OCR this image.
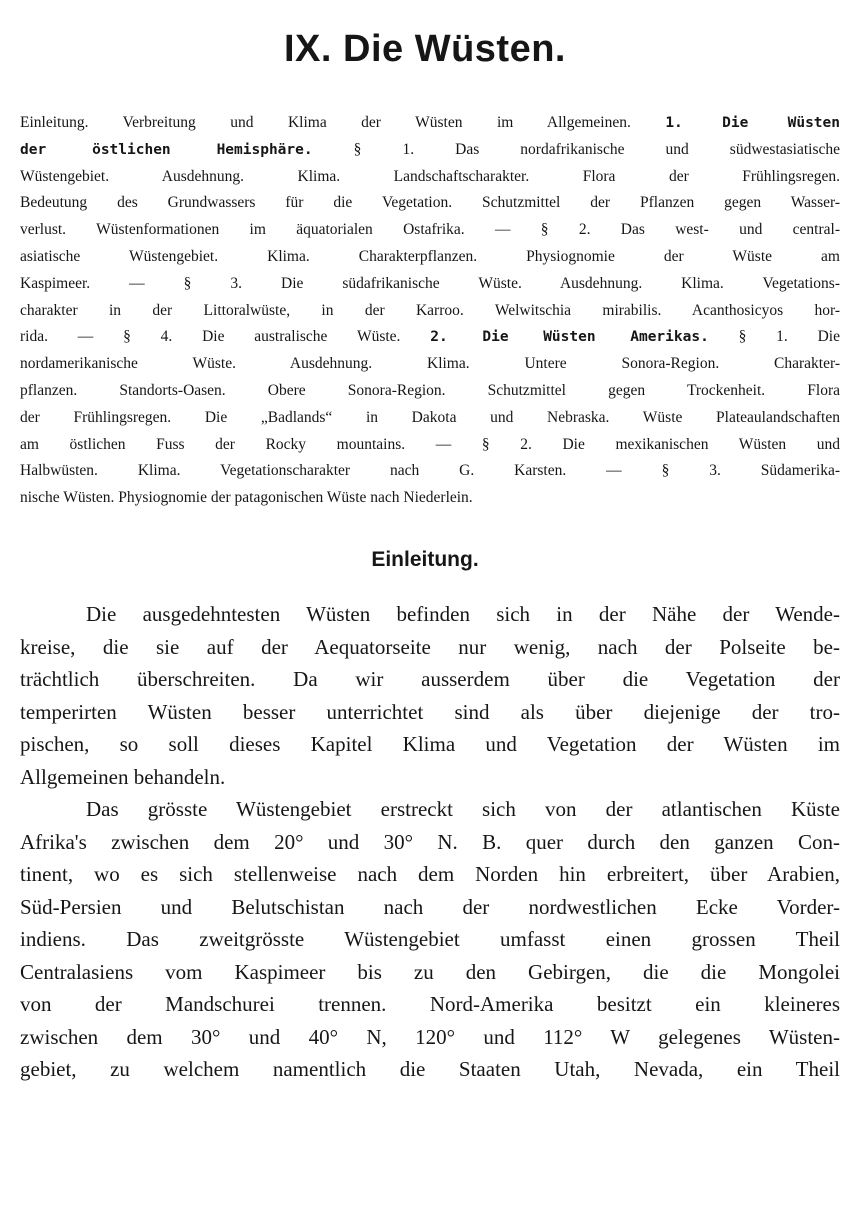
IX. Die Wüsten.
Einleitung. Verbreitung und Klima der Wüsten im Allgemeinen. 1. Die Wüsten
der östlichen Hemisphäre. § 1. Das nordafrikanische und südwestasiatische
Wüstengebiet. Ausdehnung. Klima. Landschaftscharakter. Flora der Frühlingsregen.
Bedeutung des Grundwassers für die Vegetation. Schutzmittel der Pflanzen gegen Wasser-
verlust. Wüstenformationen im äquatorialen Ostafrika. — § 2. Das west- und central-
asiatische Wüstengebiet. Klima. Charakterpflanzen. Physiognomie der Wüste am
Kaspimeer. — § 3. Die südafrikanische Wüste. Ausdehnung. Klima. Vegetations-
charakter in der Littoralwüste, in der Karroo. Welwitschia mirabilis. Acanthosicyos hor-
rida. — § 4. Die australische Wüste. 2. Die Wüsten Amerikas. § 1. Die
nordamerikanische Wüste. Ausdehnung. Klima. Untere Sonora-Region. Charakter-
pflanzen. Standorts-Oasen. Obere Sonora-Region. Schutzmittel gegen Trockenheit. Flora
der Frühlingsregen. Die „Badlands“ in Dakota und Nebraska. Wüste Plateaulandschaften
am östlichen Fuss der Rocky mountains. — § 2. Die mexikanischen Wüsten und
Halbwüsten. Klima. Vegetationscharakter nach G. Karsten. — § 3. Südamerika-
nische Wüsten. Physiognomie der patagonischen Wüste nach Niederlein.
Einleitung.
Die ausgedehntesten Wüsten befinden sich in der Nähe der Wende-
kreise, die sie auf der Aequatorseite nur wenig, nach der Polseite be-
trächtlich überschreiten. Da wir ausserdem über die Vegetation der
temperirten Wüsten besser unterrichtet sind als über diejenige der tro-
pischen, so soll dieses Kapitel Klima und Vegetation der Wüsten im
Allgemeinen behandeln.
Das grösste Wüstengebiet erstreckt sich von der atlantischen Küste
Afrika's zwischen dem 20° und 30° N. B. quer durch den ganzen Con-
tinent, wo es sich stellenweise nach dem Norden hin erbreitert, über Arabien,
Süd-Persien und Belutschistan nach der nordwestlichen Ecke Vorder-
indiens. Das zweitgrösste Wüstengebiet umfasst einen grossen Theil
Centralasiens vom Kaspimeer bis zu den Gebirgen, die die Mongolei
von der Mandschurei trennen. Nord-Amerika besitzt ein kleineres
zwischen dem 30° und 40° N, 120° und 112° W gelegenes Wüsten-
gebiet, zu welchem namentlich die Staaten Utah, Nevada, ein Theil
